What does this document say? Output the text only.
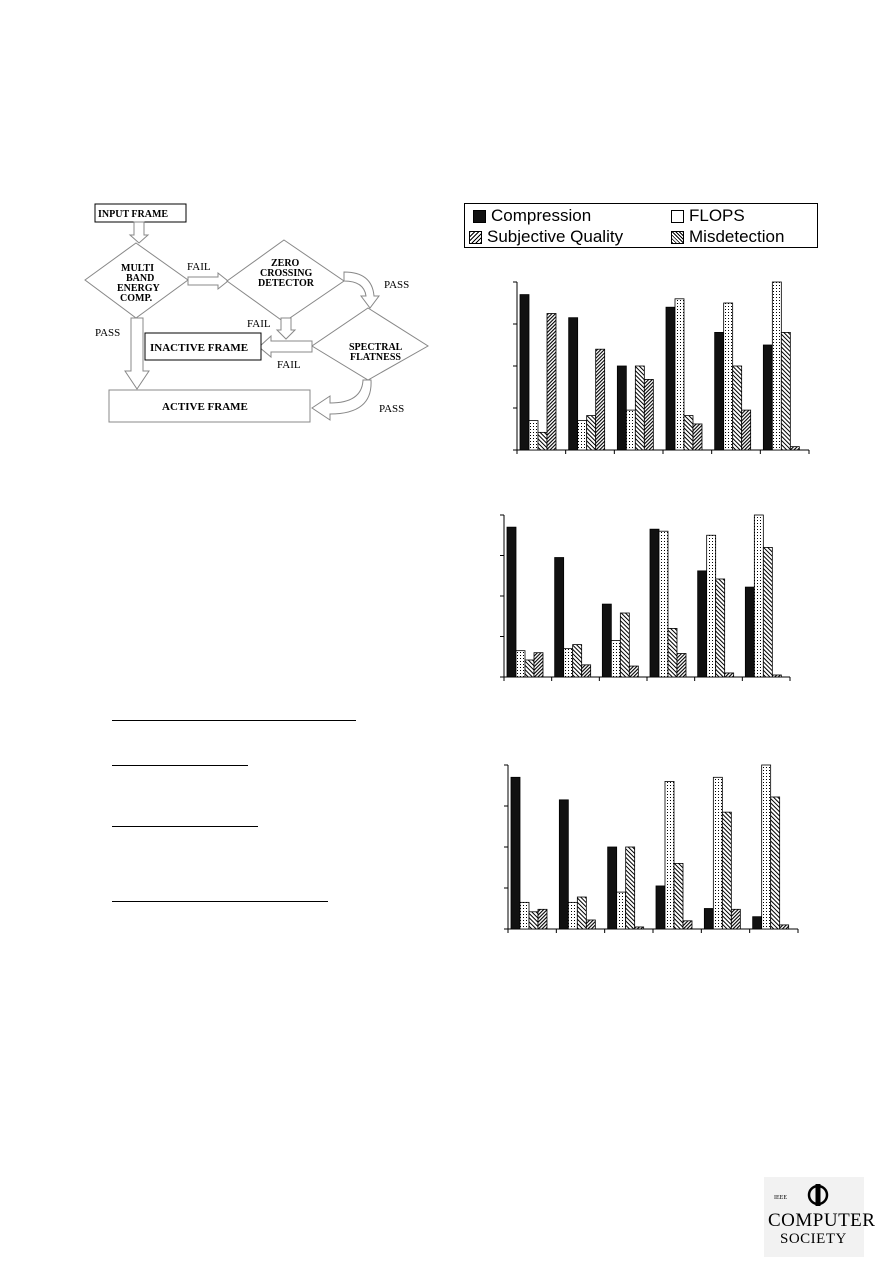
INPUT FRAME
MULTI
BAND
ENERGY
COMP.
FAIL	ZERO
CROSSING
DETECTOR	PASS
FAIL
SPECTRAL
FLATNESS
FAIL
INACTIVE FRAME
PASS
ACTIVE FRAME	PASS
Compression	FLOPS
Subjective Quality	Misdetection
IEEE
COMPUTER
SOCIETY
